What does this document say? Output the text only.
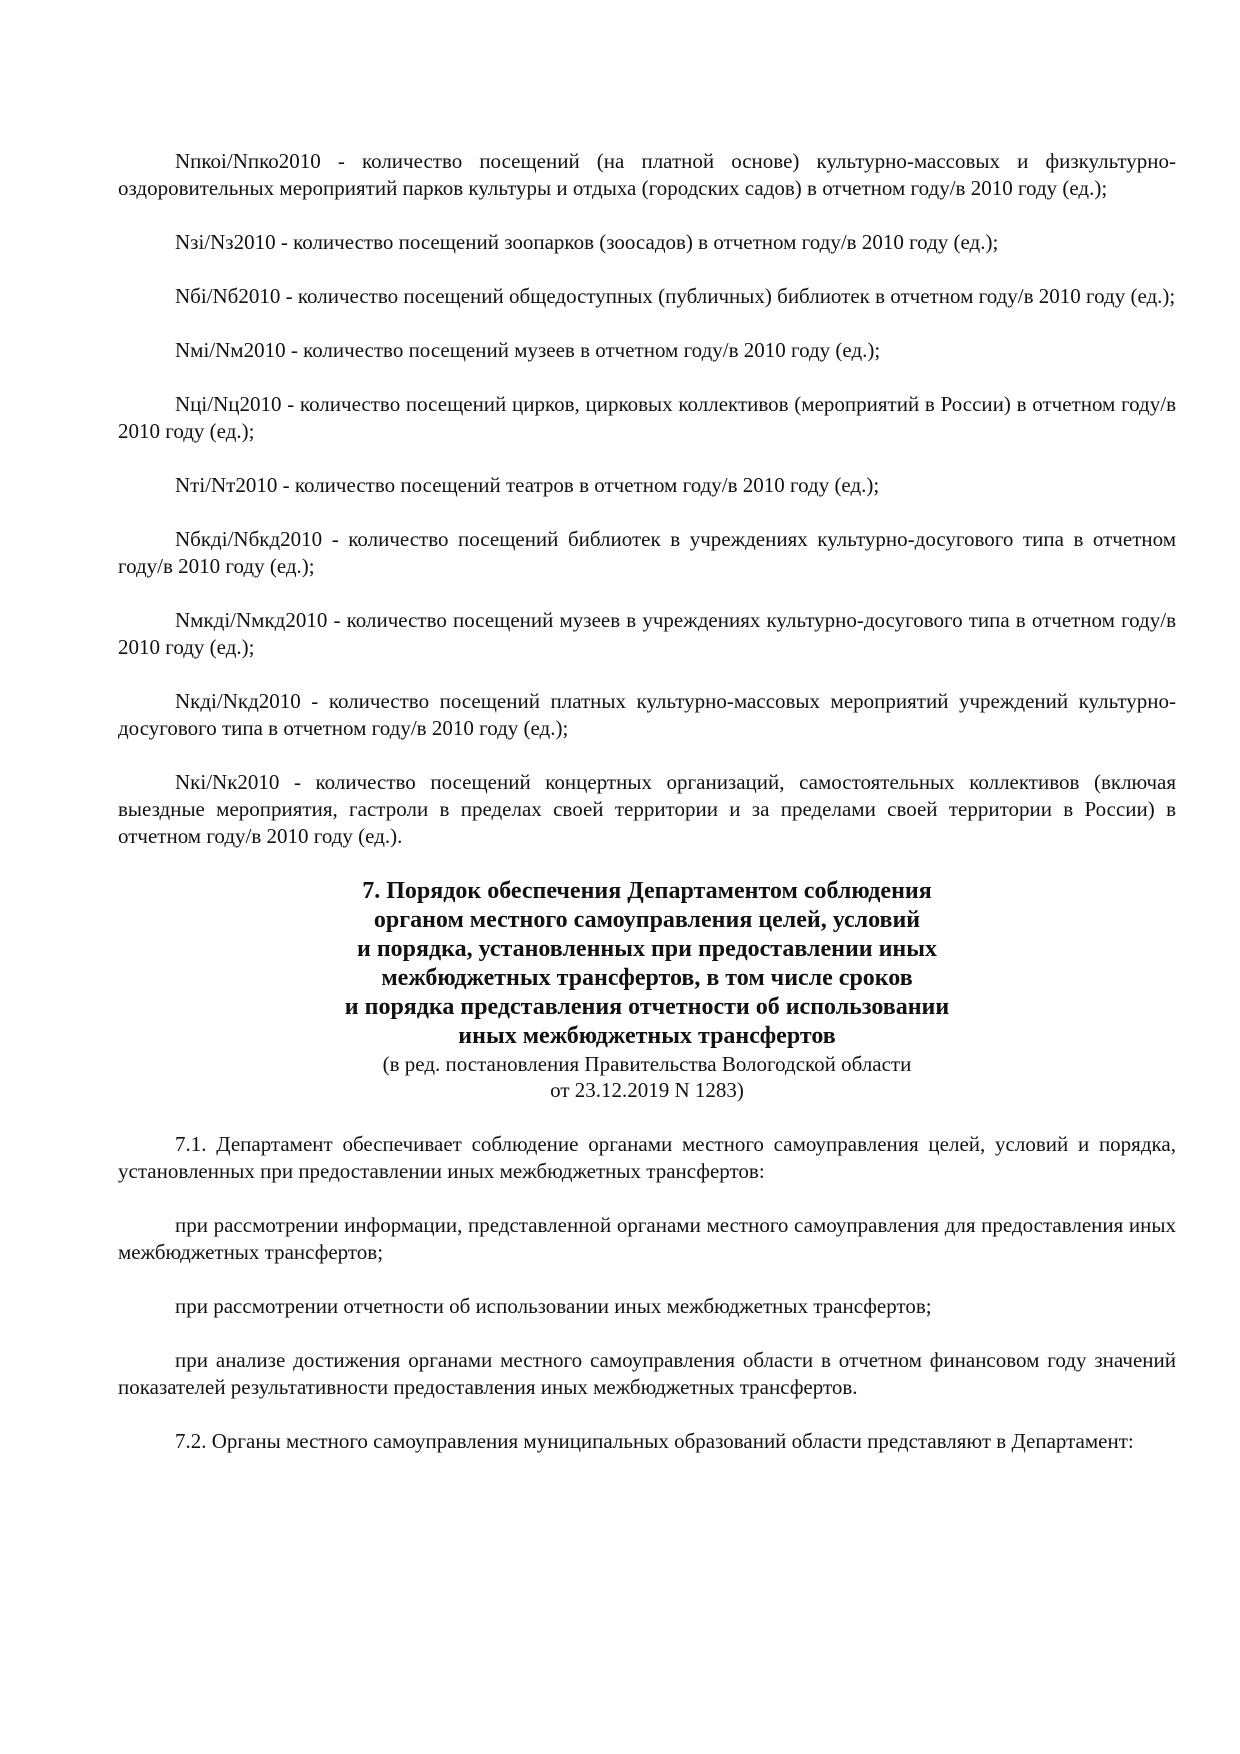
Nпкоi/Nпко2010 - количество посещений (на платной основе) культурно-массовых и физкультурно-оздоровительных мероприятий парков культуры и отдыха (городских садов) в отчетном году/в 2010 году (ед.);

Nзi/Nз2010 - количество посещений зоопарков (зоосадов) в отчетном году/в 2010 году (ед.);

Nбi/Nб2010 - количество посещений общедоступных (публичных) библиотек в отчетном году/в 2010 году (ед.);

Nмi/Nм2010 - количество посещений музеев в отчетном году/в 2010 году (ед.);

Nцi/Nц2010 - количество посещений цирков, цирковых коллективов (мероприятий в России) в отчетном году/в 2010 году (ед.);

Nтi/Nт2010 - количество посещений театров в отчетном году/в 2010 году (ед.);

Nбкдi/Nбкд2010 - количество посещений библиотек в учреждениях культурно-досугового типа в отчетном году/в 2010 году (ед.);

Nмкдi/Nмкд2010 - количество посещений музеев в учреждениях культурно-досугового типа в отчетном году/в 2010 году (ед.);

Nкдi/Nкд2010 - количество посещений платных культурно-массовых мероприятий учреждений культурно-досугового типа в отчетном году/в 2010 году (ед.);

Nкi/Nк2010 - количество посещений концертных организаций, самостоятельных коллективов (включая выездные мероприятия, гастроли в пределах своей территории и за пределами своей территории в России) в отчетном году/в 2010 году (ед.).

7. Порядок обеспечения Департаментом соблюдения
органом местного самоуправления целей, условий
и порядка, установленных при предоставлении иных
межбюджетных трансфертов, в том числе сроков
и порядка представления отчетности об использовании
иных межбюджетных трансфертов
(в ред. постановления Правительства Вологодской области
от 23.12.2019 N 1283)

7.1. Департамент обеспечивает соблюдение органами местного самоуправления целей, условий и порядка, установленных при предоставлении иных межбюджетных трансфертов:

при рассмотрении информации, представленной органами местного самоуправления для предоставления иных межбюджетных трансфертов;

при рассмотрении отчетности об использовании иных межбюджетных трансфертов;

при анализе достижения органами местного самоуправления области в отчетном финансовом году значений показателей результативности предоставления иных межбюджетных трансфертов.

7.2. Органы местного самоуправления муниципальных образований области представляют в Департамент:
